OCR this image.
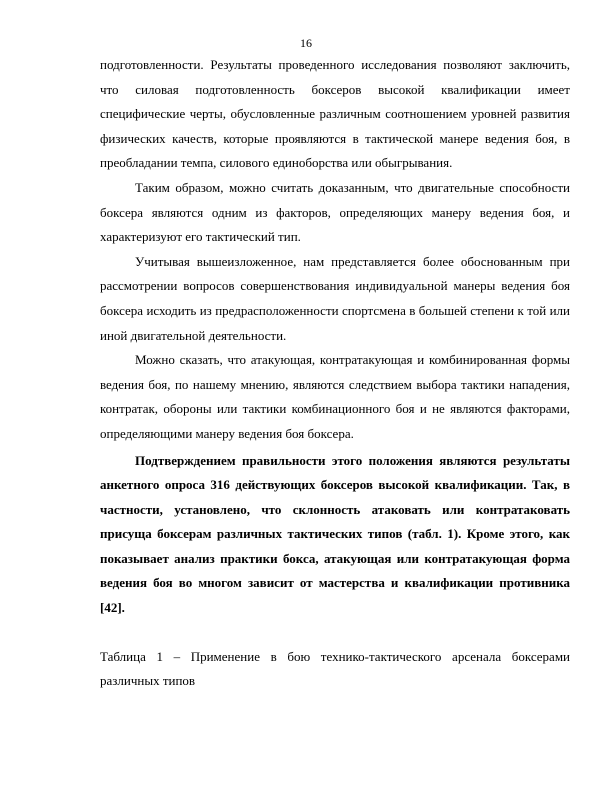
16

подготовленности. Результаты проведенного исследования позволяют заключить, что силовая подготовленность боксеров высокой квалификации имеет специфические черты, обусловленные различным соотношением уровней развития физических качеств, которые проявляются в тактической манере ведения боя, в преобладании темпа, силового единоборства или обыгрывания.

Таким образом, можно считать доказанным, что двигательные способности боксера являются одним из факторов, определяющих манеру ведения боя, и характеризуют его тактический тип.

Учитывая вышеизложенное, нам представляется более обоснованным при рассмотрении вопросов совершенствования индивидуальной манеры ведения боя боксера исходить из предрасположенности спортсмена в большей степени к той или иной двигательной деятельности.

Можно сказать, что атакующая, контратакующая и комбинированная формы ведения боя, по нашему мнению, являются следствием выбора тактики нападения, контратак, обороны или тактики комбинационного боя и не являются факторами, определяющими манеру ведения боя боксера.

Подтверждением правильности этого положения являются результаты анкетного опроса 316 действующих боксеров высокой квалификации. Так, в частности, установлено, что склонность атаковать или контратаковать присуща боксерам различных тактических типов (табл. 1). Кроме этого, как показывает анализ практики бокса, атакующая или контратакующая форма ведения боя во многом зависит от мастерства и квалификации противника [42].

Таблица 1 – Применение в бою технико-тактического арсенала боксерами различных типов
